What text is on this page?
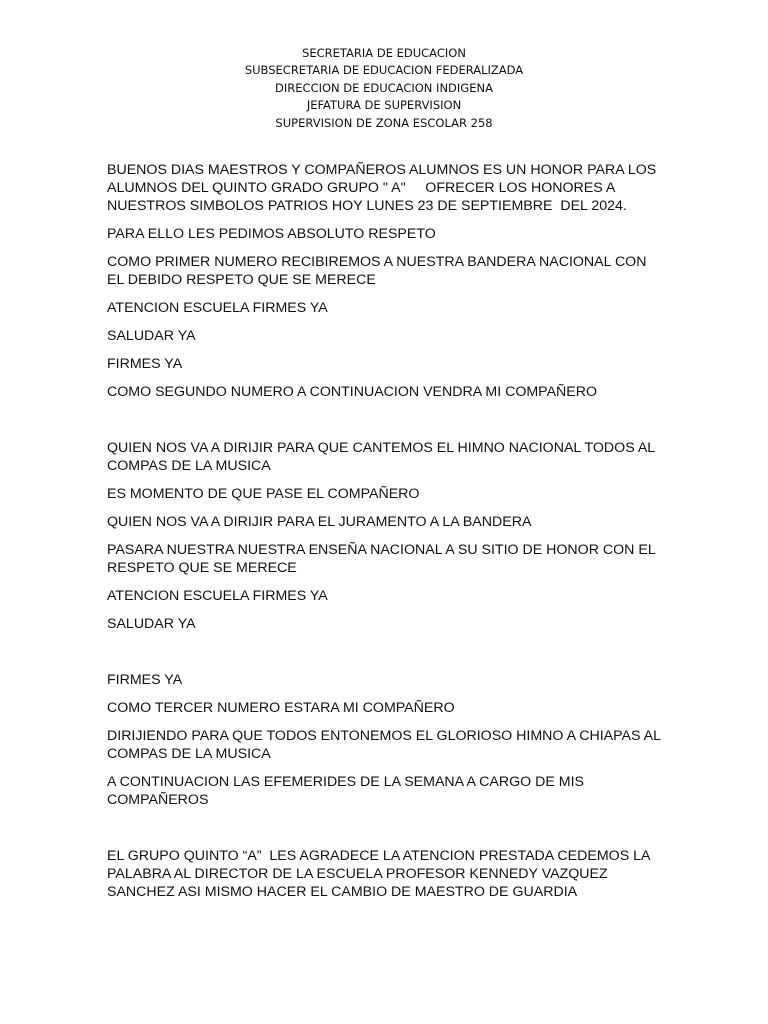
SECRETARIA DE EDUCACION
SUBSECRETARIA DE EDUCACION FEDERALIZADA
DIRECCION DE EDUCACION INDIGENA
JEFATURA DE SUPERVISION
SUPERVISION DE ZONA ESCOLAR 258

BUENOS DIAS MAESTROS Y COMPAÑEROS ALUMNOS ES UN HONOR PARA LOS ALUMNOS DEL QUINTO GRADO GRUPO " A"     OFRECER LOS HONORES A NUESTROS SIMBOLOS PATRIOS HOY LUNES 23 DE SEPTIEMBRE  DEL 2024.

PARA ELLO LES PEDIMOS ABSOLUTO RESPETO

COMO PRIMER NUMERO RECIBIREMOS A NUESTRA BANDERA NACIONAL CON EL DEBIDO RESPETO QUE SE MERECE

ATENCION ESCUELA FIRMES YA

SALUDAR YA

FIRMES YA

COMO SEGUNDO NUMERO A CONTINUACION VENDRA MI COMPAÑERO

QUIEN NOS VA A DIRIJIR PARA QUE CANTEMOS EL HIMNO NACIONAL TODOS AL COMPAS DE LA MUSICA

ES MOMENTO DE QUE PASE EL COMPAÑERO

QUIEN NOS VA A DIRIJIR PARA EL JURAMENTO A LA BANDERA

PASARA NUESTRA NUESTRA ENSEÑA NACIONAL A SU SITIO DE HONOR CON EL RESPETO QUE SE MERECE

ATENCION ESCUELA FIRMES YA

SALUDAR YA

FIRMES YA

COMO TERCER NUMERO ESTARA MI COMPAÑERO

DIRIJIENDO PARA QUE TODOS ENTONEMOS EL GLORIOSO HIMNO A CHIAPAS AL COMPAS DE LA MUSICA

A CONTINUACION LAS EFEMERIDES DE LA SEMANA A CARGO DE MIS COMPAÑEROS

EL GRUPO QUINTO “A”  LES AGRADECE LA ATENCION PRESTADA CEDEMOS LA PALABRA AL DIRECTOR DE LA ESCUELA PROFESOR KENNEDY VAZQUEZ SANCHEZ ASI MISMO HACER EL CAMBIO DE MAESTRO DE GUARDIA
